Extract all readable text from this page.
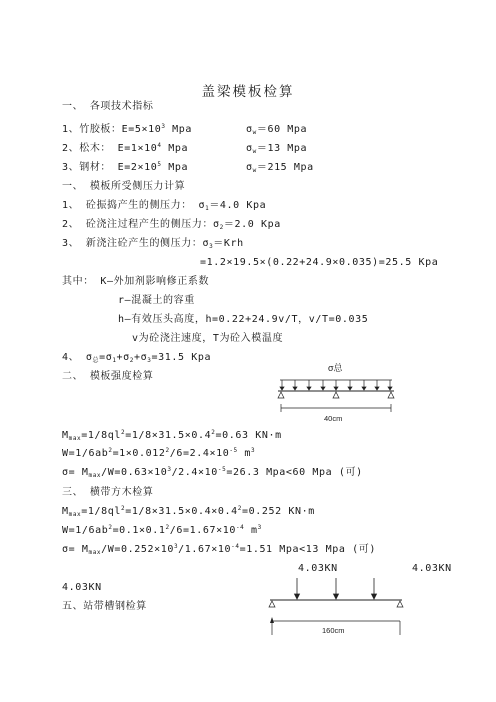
盖梁模板检算
一、 各项技术指标
1、竹胶板：$E=5\times 10^3$ Mpa	$\sigma_w=60$ Mpa
2、松木： $E=1\times 10^4$ Mpa	$\sigma_w=13$ Mpa
3、钢材： $E=2\times 10^5$ Mpa	$\sigma_w=215$ Mpa
一、 模板所受侧压力计算
1、 砼振捣产生的侧压力： $\sigma_1=4.0$ Kpa
2、 砼浇注过程产生的侧压力：$\sigma_2=2.0$ Kpa
3、 新浇注砼产生的侧压力：$\sigma_3=Krh$
=1.2×19.5×(0.22+24.9×0.035)=25.5 Kpa
其中： K—外加剂影响修正系数
r—混凝土的容重
h—有效压头高度，h=0.22+24.9v/T，v/T=0.035
v为砼浇注速度，T为砼入模温度
4、 $\sigma_总=\sigma_1+\sigma_2+\sigma_3=31.5$ Kpa
二、 模板强度检算
σ总
40cm
$M_{max}=1/8ql^2=1/8\times 31.5\times 0.4^2=0.63$ KN·m
$W=1/6ab^2=1\times 0.012^2/6=2.4\times 10^{-5}$ $m^3$
$\sigma= M_{max}/W=0.63\times 10^3/2.4\times 10^{-5}=26.3$ Mpa<60 Mpa (可)
三、 横带方木检算
$M_{max}=1/8ql^2=1/8\times 31.5\times 0.4\times 0.4^2=0.252$ KN·m
$W=1/6ab^2=0.1\times 0.1^2/6=1.67\times 10^{-4}$ $m^3$
$\sigma= M_{max}/W=0.252\times 10^3/1.67\times 10^{-4}=1.51$ Mpa<13 Mpa (可)
4.03KN	4.03KN
4.03KN
五、站带槽钢检算
160cm
